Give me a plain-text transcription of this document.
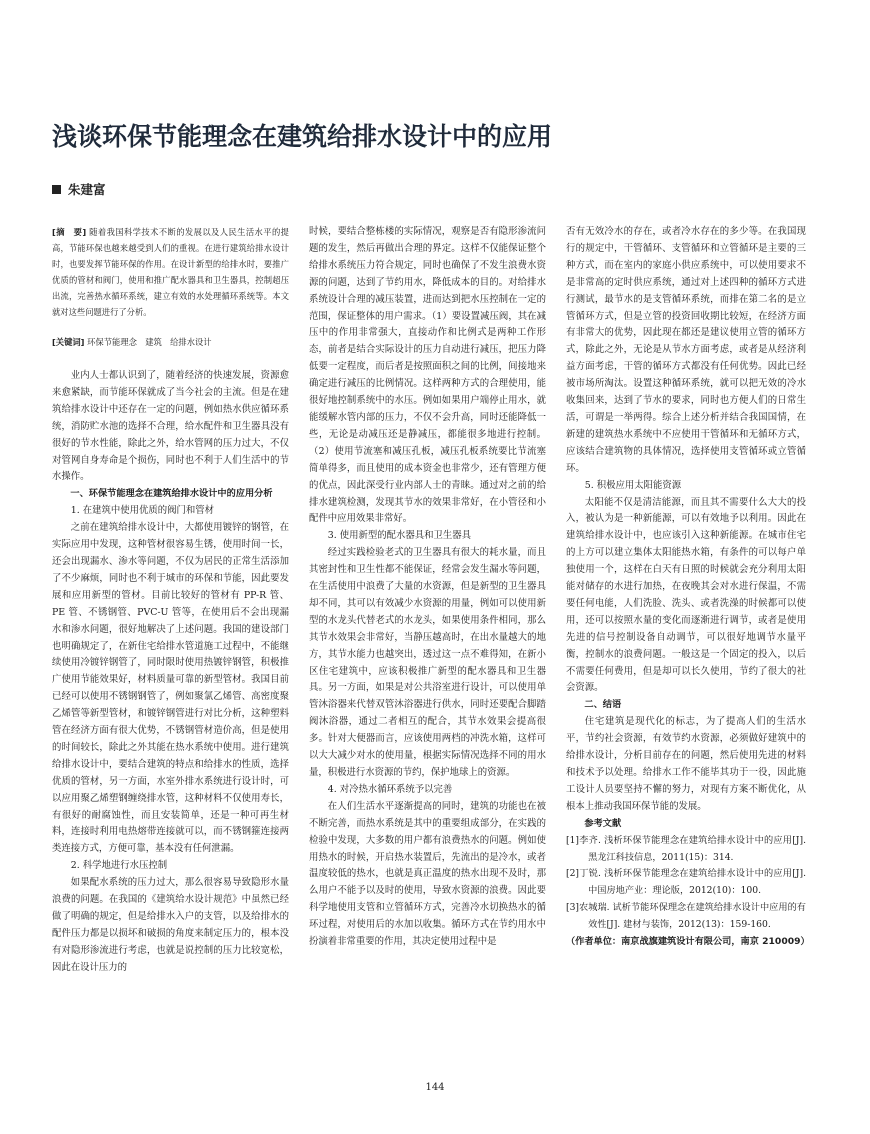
浅谈环保节能理念在建筑给排水设计中的应用
朱建富

[摘　要] 随着我国科学技术不断的发展以及人民生活水平的提高，节能环保也越来越受到人们的重视。在进行建筑给排水设计时，也要发挥节能环保的作用。在设计新型的给排水时，要推广优质的管材和阀门，使用和推广配水器具和卫生器具，控制超压出流，完善热水循环系统，建立有效的水处理循环系统等。本文就对这些问题进行了分析。

[关键词] 环保节能理念　建筑　给排水设计

业内人士都认识到了，随着经济的快速发展，资源愈来愈紧缺，而节能环保就成了当今社会的主流。但是在建筑给排水设计中还存在一定的问题，例如热水供应循环系统，消防贮水池的选择不合理，给水配件和卫生器具没有很好的节水性能，除此之外，给水管网的压力过大，不仅对管网自身寿命是个损伤，同时也不利于人们生活中的节水操作。

一、环保节能理念在建筑给排水设计中的应用分析

1. 在建筑中使用优质的阀门和管材

之前在建筑给排水设计中，大都使用镀锌的钢管，在实际应用中发现，这种管材很容易生锈，使用时间一长，还会出现漏水、渗水等问题，不仅为居民的正常生活添加了不少麻烦，同时也不利于城市的环保和节能，因此要发展和应用新型的管材。目前比较好的管材有 PP-R 管、PE 管、不锈钢管、PVC-U 管等，在使用后不会出现漏水和渗水问题，很好地解决了上述问题。我国的建设部门也明确规定了，在新住宅给排水管道施工过程中，不能继续使用冷镀锌钢管了，同时限时使用热镀锌钢管，积极推广使用节能效果好，材料质量可靠的新型管材。我国目前已经可以使用不锈钢钢管了，例如聚氯乙烯管、高密度聚乙烯管等新型管材，和镀锌钢管进行对比分析，这种塑料管在经济方面有很大优势，不锈钢管材造价高，但是使用的时间较长，除此之外其能在热水系统中使用。进行建筑给排水设计中，要结合建筑的特点和给排水的性质，选择优质的管材，另一方面，水室外排水系统进行设计时，可以应用聚乙烯塑钢缠绕排水管，这种材料不仅使用寿长，有很好的耐腐蚀性，而且安装简单，还是一种可再生材料，连接时利用电热熔带连接就可以，而不锈钢箍连接两类连接方式，方便可靠，基本没有任何泄漏。

2. 科学地进行水压控制

如果配水系统的压力过大，那么很容易导致隐形水量浪费的问题。在我国的《建筑给水设计规范》中虽然已经做了明确的规定，但是给排水入户的支管，以及给排水的配件压力都是以损坏和破损的角度来制定压力的，根本没有对隐形渗流进行考虑，也就是说控制的压力比较宽松，因此在设计压力的

时候，要结合整栋楼的实际情况，观察是否有隐形渗流问题的发生，然后再做出合理的界定。这样不仅能保证整个给排水系统压力符合规定，同时也确保了不发生浪费水资源的问题，达到了节约用水，降低成本的目的。对给排水系统设计合理的减压装置，进而达到把水压控制在一定的范围，保证整体的用户需求。（1）要设置减压阀，其在减压中的作用非常强大，直接动作和比例式是两种工作形态，前者是结合实际设计的压力自动进行减压，把压力降低要一定程度，而后者是按照面积之间的比例，间接地来确定进行减压的比例情况。这样两种方式的合理使用，能很好地控制系统中的水压。例如如果用户端停止用水，就能缓解水管内部的压力，不仅不会升高，同时还能降低一些，无论是动减压还是静减压，都能很多地进行控制。（2）使用节流塞和减压孔板，减压孔板系统要比节流塞简单得多，而且使用的成本资金也非常少，还有管理方便的优点，因此深受行业内部人士的青睐。通过对之前的给排水建筑检测，发现其节水的效果非常好，在小管径和小配件中应用效果非常好。

3. 使用新型的配水器具和卫生器具

经过实践检验老式的卫生器具有很大的耗水量，而且其密封性和卫生性都不能保证，经常会发生漏水等问题，在生活使用中浪费了大量的水资源，但是新型的卫生器具却不同，其可以有效减少水资源的用量，例如可以使用新型的水龙头代替老式的水龙头，如果使用条件相同，那么其节水效果会非常好，当静压越高时，在出水量越大的地方，其节水能力也越突出，透过这一点不难得知，在新小区住宅建筑中，应该积极推广新型的配水器具和卫生器具。另一方面，如果是对公共浴室进行设计，可以使用单管沐浴器来代替双管沐浴器进行供水，同时还要配合脚踏阀沐浴器，通过二者相互的配合，其节水效果会提高很多。针对大便器而言，应该使用两档的冲洗水箱，这样可以大大减少对水的使用量，根据实际情况选择不同的用水量，积极进行水资源的节约，保护地球上的资源。

4. 对冷热水循环系统予以完善

在人们生活水平逐渐提高的同时，建筑的功能也在被不断完善，而热水系统是其中的重要组成部分，在实践的检验中发现，大多数的用户都有浪费热水的问题。例如使用热水的时候，开启热水装置后，先流出的是冷水，或者温度较低的热水，也就是真正温度的热水出现不及时，那么用户不能予以及时的使用，导致水资源的浪费。因此要科学地使用支管和立管循环方式，完善冷水切换热水的循环过程，对使用后的水加以收集。循环方式在节约用水中扮演着非常重要的作用，其决定使用过程中是

否有无效冷水的存在，或者冷水存在的多少等。在我国现行的规定中，干管循环、支管循环和立管循环是主要的三种方式，而在室内的家庭小供应系统中，可以使用要求不是非常高的定时供应系统，通过对上述四种的循环方式进行测试，最节水的是支管循环系统，而排在第二名的是立管循环方式，但是立管的投资回收期比较短，在经济方面有非常大的优势，因此现在都还是建议使用立管的循环方式，除此之外，无论是从节水方面考虑，或者是从经济利益方面考虑，干管的循环方式都没有任何优势。因此已经被市场所淘汰。设置这种循环系统，就可以把无效的冷水收集回来，达到了节水的要求，同时也方便人们的日常生活，可谓是一举两得。综合上述分析并结合我国国情，在新建的建筑热水系统中不应使用干管循环和无循环方式，应该结合建筑物的具体情况，选择使用支管循环或立管循环。

5. 积极应用太阳能资源

太阳能不仅是清洁能源，而且其不需要什么大大的投入，被认为是一种新能源，可以有效地予以利用。因此在建筑给排水设计中，也应该引入这种新能源。在城市住宅的上方可以建立集体太阳能热水箱，有条件的可以每户单独使用一个，这样在白天有日照的时候就会充分利用太阳能对储存的水进行加热，在夜晚其会对水进行保温，不需要任何电能，人们洗脸、洗头、或者洗澡的时候都可以使用，还可以按照水量的变化而逐渐进行调节，或者是使用先进的信号控制设备自动调节，可以很好地调节水量平衡，控制水的浪费问题。一般这是一个固定的投入，以后不需要任何费用，但是却可以长久使用，节约了很大的社会资源。

二、结语

住宅建筑是现代化的标志，为了提高人们的生活水平，节约社会资源，有效节约水资源，必须做好建筑中的给排水设计，分析目前存在的问题，然后使用先进的材料和技术予以处理。给排水工作不能毕其功于一役，因此施工设计人员要坚持不懈的努力，对现有方案不断优化，从根本上推动我国环保节能的发展。

参考文献

[1]李齐. 浅析环保节能理念在建筑给排水设计中的应用[J]. 黑龙江科技信息，2011(15)：314.

[2]丁锐. 浅析环保节能理念在建筑给排水设计中的应用[J]. 中国房地产业：理论版，2012(10)：100.

[3]农城瑞. 试析节能环保理念在建筑给排水设计中应用的有效性[J]. 建材与装饰，2012(13)：159-160.

（作者单位：南京战旗建筑设计有限公司，南京 210009）

144
